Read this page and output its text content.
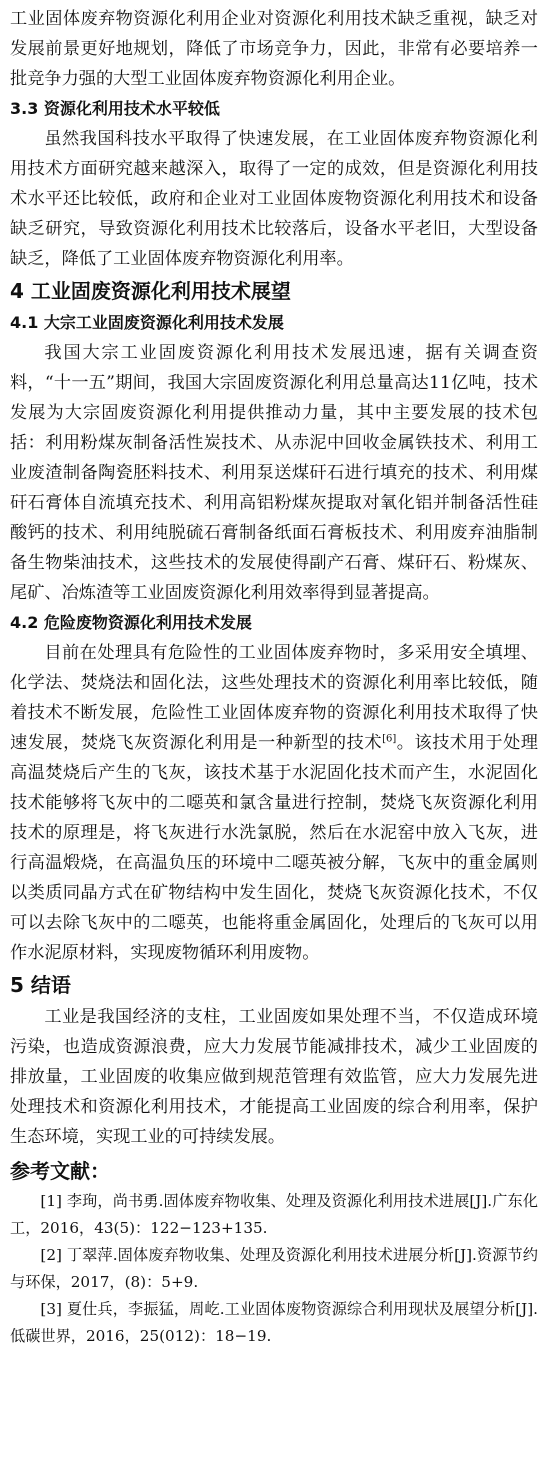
工业固体废弃物资源化利用企业对资源化利用技术缺乏重视，缺乏对发展前景更好地规划，降低了市场竞争力，因此，非常有必要培养一批竞争力强的大型工业固体废弃物资源化利用企业。

3.3 资源化利用技术水平较低

虽然我国科技水平取得了快速发展，在工业固体废弃物资源化利用技术方面研究越来越深入，取得了一定的成效，但是资源化利用技术水平还比较低，政府和企业对工业固体废物资源化利用技术和设备缺乏研究，导致资源化利用技术比较落后，设备水平老旧，大型设备缺乏，降低了工业固体废弃物资源化利用率。

4 工业固废资源化利用技术展望
4.1 大宗工业固废资源化利用技术发展

我国大宗工业固废资源化利用技术发展迅速，据有关调查资料，“十一五”期间，我国大宗固废资源化利用总量高达11亿吨，技术发展为大宗固废资源化利用提供推动力量，其中主要发展的技术包括：利用粉煤灰制备活性炭技术、从赤泥中回收金属铁技术、利用工业废渣制备陶瓷胚料技术、利用泵送煤矸石进行填充的技术、利用煤矸石膏体自流填充技术、利用高铝粉煤灰提取对氧化铝并制备活性硅酸钙的技术、利用纯脱硫石膏制备纸面石膏板技术、利用废弃油脂制备生物柴油技术，这些技术的发展使得副产石膏、煤矸石、粉煤灰、尾矿、冶炼渣等工业固废资源化利用效率得到显著提高。

4.2 危险废物资源化利用技术发展

目前在处理具有危险性的工业固体废弃物时，多采用安全填埋、化学法、焚烧法和固化法，这些处理技术的资源化利用率比较低，随着技术不断发展，危险性工业固体废弃物的资源化利用技术取得了快速发展，焚烧飞灰资源化利用是一种新型的技术[6]。该技术用于处理高温焚烧后产生的飞灰，该技术基于水泥固化技术而产生，水泥固化技术能够将飞灰中的二噁英和氯含量进行控制，焚烧飞灰资源化利用技术的原理是，将飞灰进行水洗氯脱，然后在水泥窑中放入飞灰，进行高温煅烧，在高温负压的环境中二噁英被分解，飞灰中的重金属则以类质同晶方式在矿物结构中发生固化，焚烧飞灰资源化技术，不仅可以去除飞灰中的二噁英，也能将重金属固化，处理后的飞灰可以用作水泥原材料，实现废物循环利用废物。

5 结语

工业是我国经济的支柱，工业固废如果处理不当，不仅造成环境污染，也造成资源浪费，应大力发展节能减排技术，减少工业固废的排放量，工业固废的收集应做到规范管理有效监管，应大力发展先进处理技术和资源化利用技术，才能提高工业固废的综合利用率，保护生态环境，实现工业的可持续发展。

参考文献：

[1] 李珣，尚书勇.固体废弃物收集、处理及资源化利用技术进展[J].广东化工，2016，43(5)：122−123+135.

[2] 丁翠萍.固体废弃物收集、处理及资源化利用技术进展分析[J].资源节约与环保，2017，(8)：5+9.

[3] 夏仕兵，李振猛，周屹.工业固体废物资源综合利用现状及展望分析[J].低碳世界，2016，25(012)：18−19.
